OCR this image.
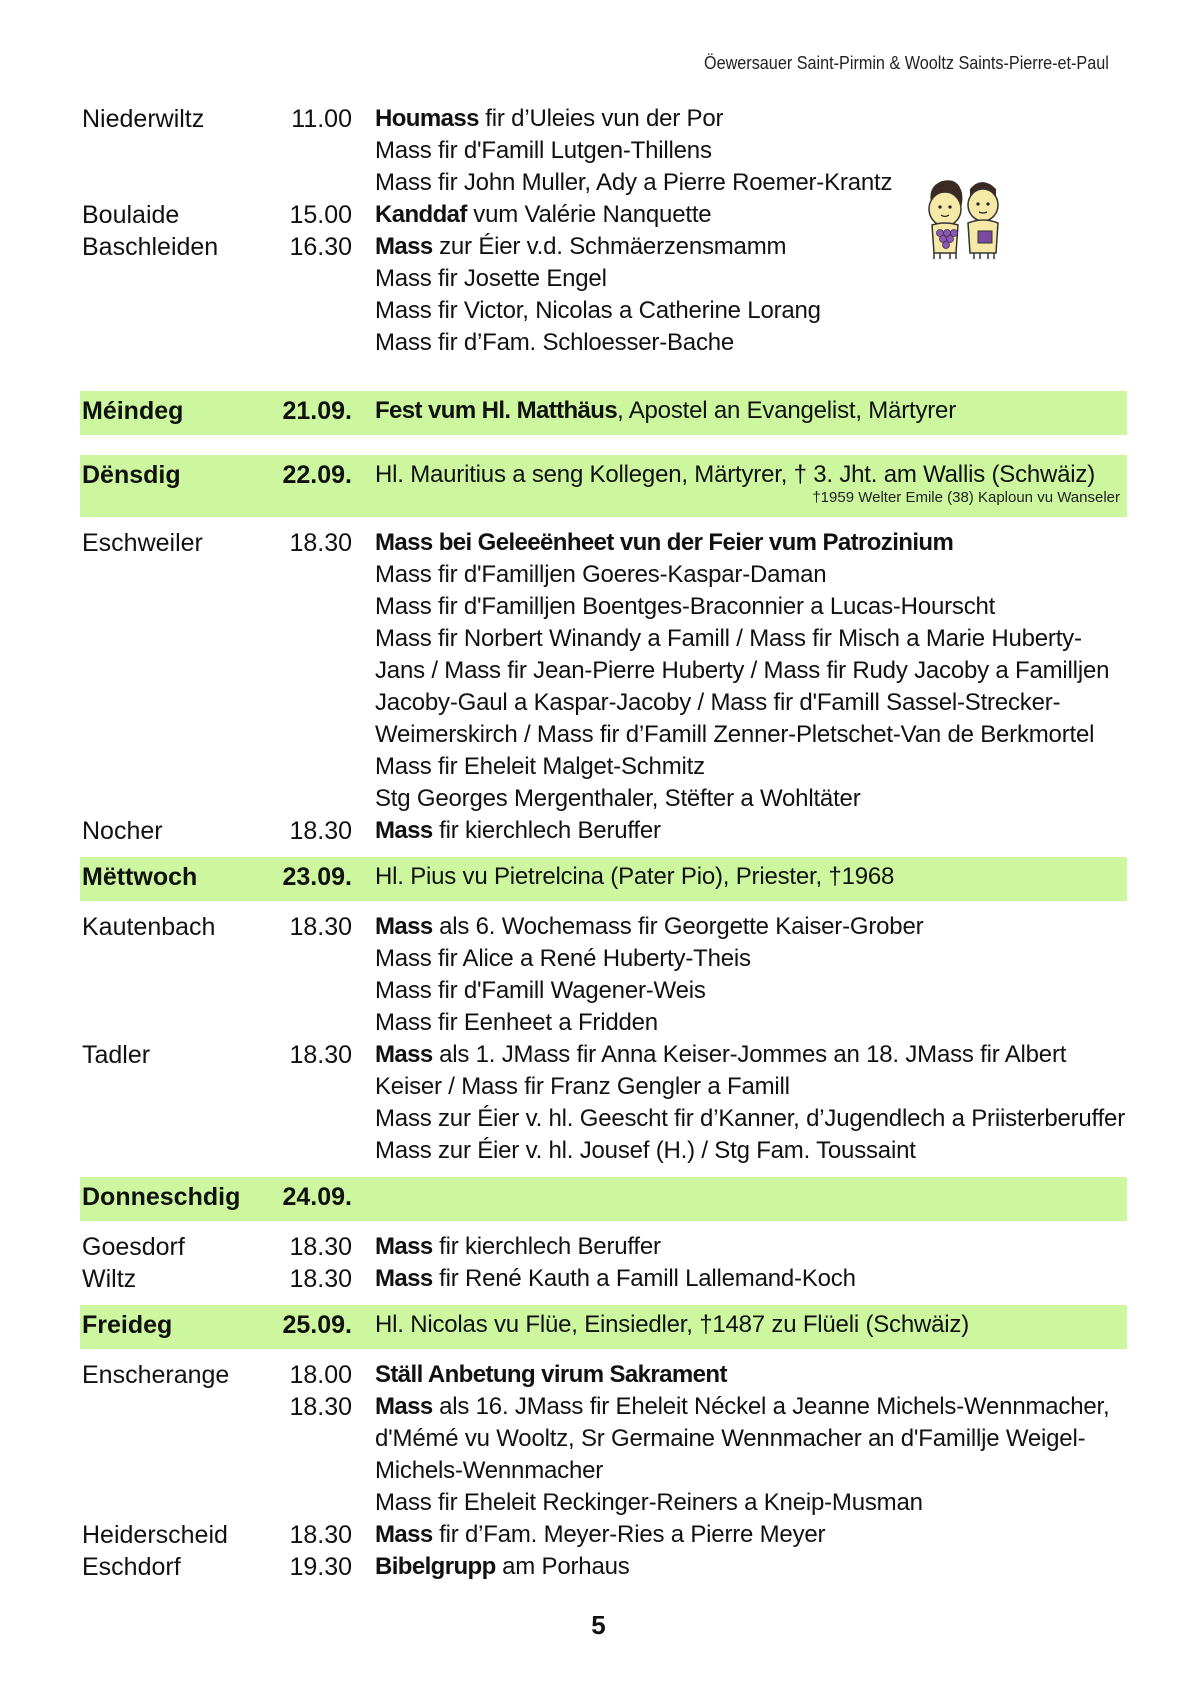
Öewersauer Saint-Pirmin & Wooltz Saints-Pierre-et-Paul
Niederwiltz	11.00 Houmass fir d’Uleies vun der Por
Mass fir d'Famill Lutgen-Thillens
Mass fir John Muller, Ady a Pierre Roemer-Krantz
Boulaide	15.00 Kanddaf vum Valérie Nanquette
Baschleiden	16.30 Mass zur Éier v.d. Schmäerzensmamm
Mass fir Josette Engel
Mass fir Victor, Nicolas a Catherine Lorang
Mass fir d’Fam. Schloesser-Bache
Méindeg	21.09. Fest vum Hl. Matthäus, Apostel an Evangelist, Märtyrer
Dënsdig	22.09. Hl. Mauritius a seng Kollegen, Märtyrer, † 3. Jht. am Wallis (Schwäiz)
†1959 Welter Emile (38) Kaploun vu Wanseler
Eschweiler	18.30 Mass bei Geleeënheet vun der Feier vum Patrozinium
Mass fir d'Familljen Goeres-Kaspar-Daman
Mass fir d'Familljen Boentges-Braconnier a Lucas-Hourscht
Mass fir Norbert Winandy a Famill / Mass fir Misch a Marie Huberty-
Jans / Mass fir Jean-Pierre Huberty / Mass fir Rudy Jacoby a Familljen
Jacoby-Gaul a Kaspar-Jacoby / Mass fir d'Famill Sassel-Strecker-
Weimerskirch / Mass fir d’Famill Zenner-Pletschet-Van de Berkmortel
Mass fir Eheleit Malget-Schmitz
Stg Georges Mergenthaler, Stëfter a Wohltäter
Nocher	18.30 Mass fir kierchlech Beruffer
Mëttwoch	23.09. Hl. Pius vu Pietrelcina (Pater Pio), Priester, †1968
Kautenbach	18.30 Mass als 6. Wochemass fir Georgette Kaiser-Grober
Mass fir Alice a René Huberty-Theis
Mass fir d'Famill Wagener-Weis
Mass fir Eenheet a Fridden
Tadler	18.30 Mass als 1. JMass fir Anna Keiser-Jommes an 18. JMass fir Albert
Keiser / Mass fir Franz Gengler a Famill
Mass zur Éier v. hl. Geescht fir d’Kanner, d’Jugendlech a Priisterberuffer
Mass zur Éier v. hl. Jousef (H.) / Stg Fam. Toussaint
Donneschdig	24.09.
Goesdorf	18.30 Mass fir kierchlech Beruffer
Wiltz	18.30 Mass fir René Kauth a Famill Lallemand-Koch
Freideg	25.09. Hl. Nicolas vu Flüe, Einsiedler, †1487 zu Flüeli (Schwäiz)
Enscherange	18.00 Ställ Anbetung virum Sakrament
18.30 Mass als 16. JMass fir Eheleit Néckel a Jeanne Michels-Wennmacher,
d'Mémé vu Wooltz, Sr Germaine Wennmacher an d'Famillje Weigel-
Michels-Wennmacher
Mass fir Eheleit Reckinger-Reiners a Kneip-Musman
Heiderscheid	18.30 Mass fir d’Fam. Meyer-Ries a Pierre Meyer
Eschdorf	19.30 Bibelgrupp am Porhaus
5
